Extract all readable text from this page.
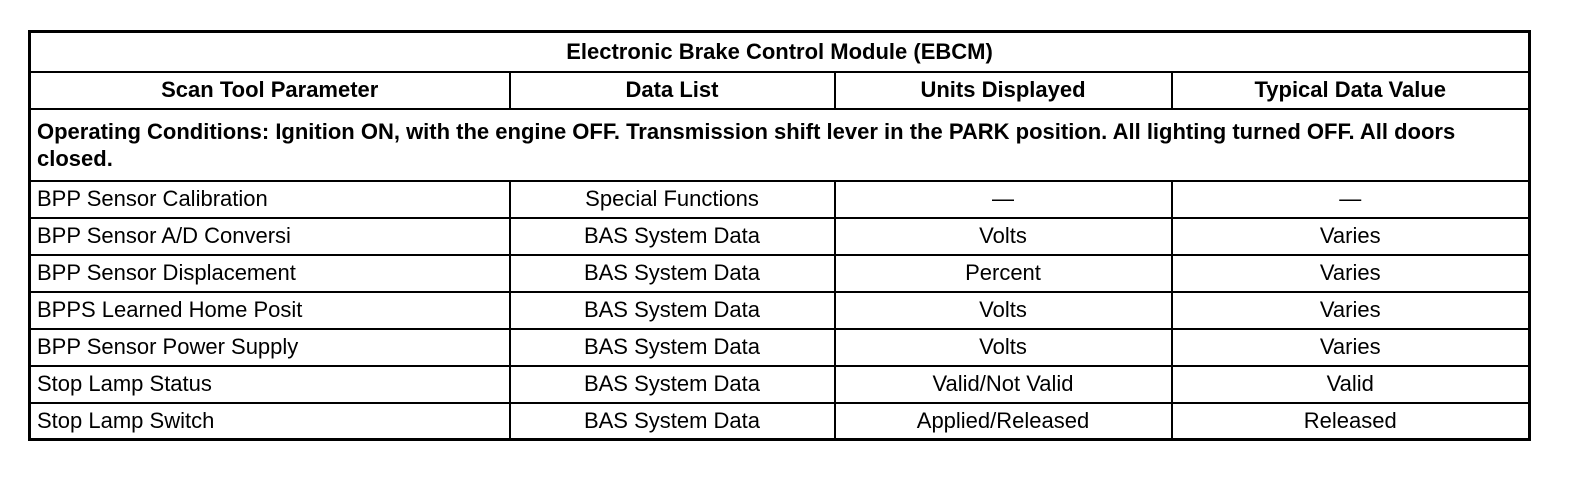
Electronic Brake Control Module (EBCM)			
Scan Tool Parameter	Data List	Units Displayed	Typical Data Value
Operating Conditions: Ignition ON, with the engine OFF. Transmission shift lever in the PARK position. All lighting turned OFF. All doors closed.			
BPP Sensor Calibration	Special Functions	—	—
BPP Sensor A/D Conversi	BAS System Data	Volts	Varies
BPP Sensor Displacement	BAS System Data	Percent	Varies
BPPS Learned Home Posit	BAS System Data	Volts	Varies
BPP Sensor Power Supply	BAS System Data	Volts	Varies
Stop Lamp Status	BAS System Data	Valid/Not Valid	Valid
Stop Lamp Switch	BAS System Data	Applied/Released	Released
